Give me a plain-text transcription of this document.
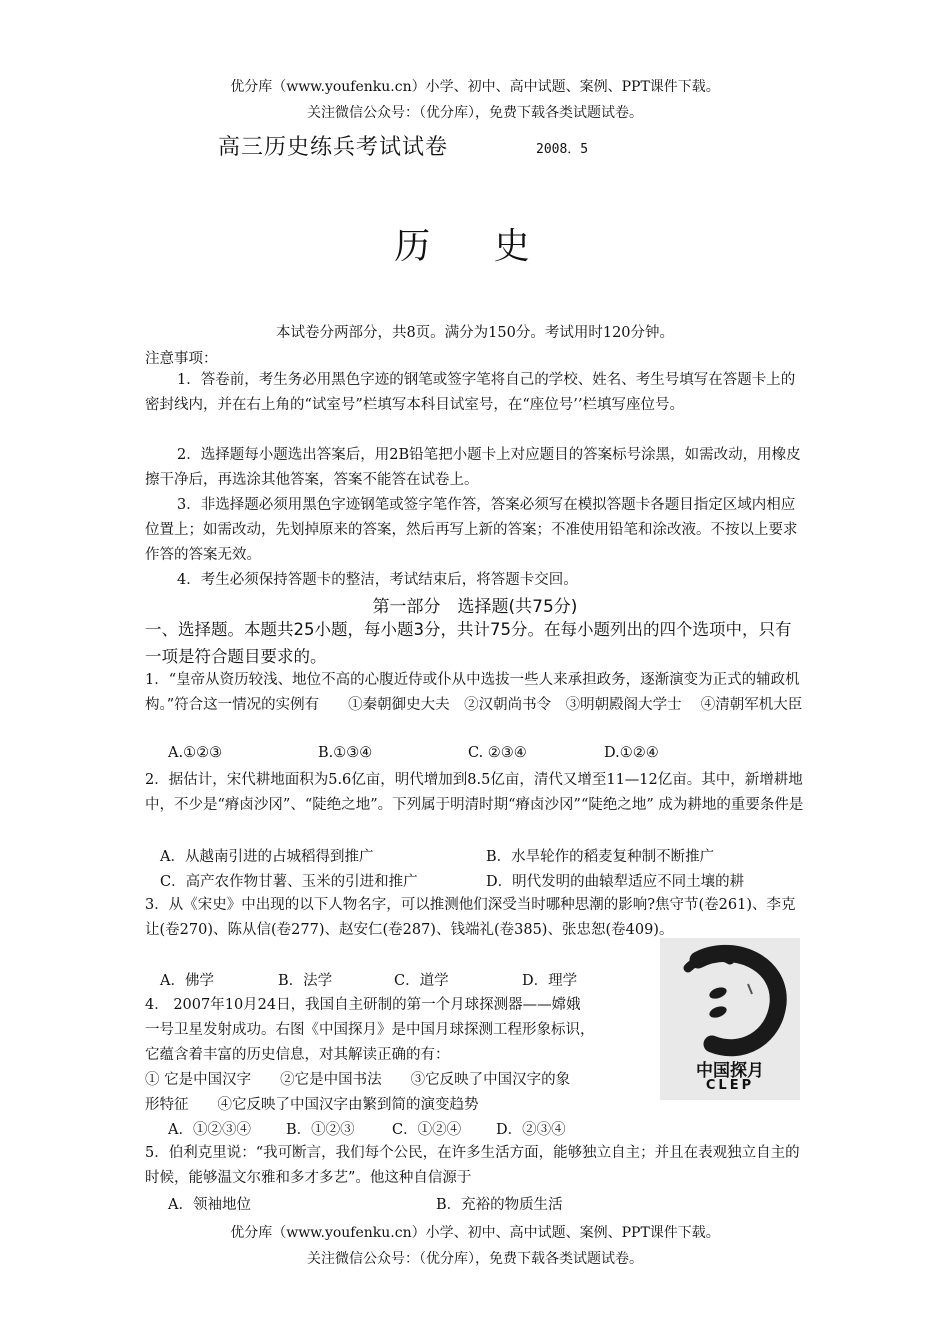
优分库（www.youfenku.cn）小学、初中、高中试题、案例、PPT课件下载。
关注微信公众号：（优分库），免费下载各类试题试卷。
高三历史练兵考试试卷	2008．5
历 史
本试卷分两部分，共8页。满分为150分。考试用时120分钟。
注意事项：
1．答卷前，考生务必用黑色字迹的钢笔或签字笔将自己的学校、姓名、考生号填写在答题卡上的密封线内，并在右上角的“试室号”栏填写本科目试室号，在“座位号’’栏填写座位号。
2．选择题每小题选出答案后，用2B铅笔把小题卡上对应题目的答案标号涂黑，如需改动，用橡皮擦干净后，再选涂其他答案，答案不能答在试卷上。
3．非选择题必须用黑色字迹钢笔或签字笔作答，答案必须写在模拟答题卡各题目指定区域内相应位置上；如需改动，先划掉原来的答案，然后再写上新的答案；不准使用铅笔和涂改液。不按以上要求作答的答案无效。
4．考生必须保持答题卡的整洁，考试结束后，将答题卡交回。
第一部分　选择题(共75分)
一、选择题。本题共25小题，每小题3分，共计75分。在每小题列出的四个选项中，只有一项是符合题目要求的。
1．“皇帝从资历较浅、地位不高的心腹近侍或仆从中选拔一些人来承担政务，逐渐演变为正式的辅政机构。”符合这一情况的实例有　　①秦朝御史大夫　②汉朝尚书令　③明朝殿阁大学士　 ④清朝军机大臣
A.①②③	B.①③④	C. ②③④	D.①②④
2．据估计，宋代耕地面积为5.6亿亩，明代增加到8.5亿亩，清代又增至11—12亿亩。其中，新增耕地中，不少是“瘠卤沙冈”、“陡绝之地”。下列属于明清时期“瘠卤沙冈”“陡绝之地” 成为耕地的重要条件是
A．从越南引进的占城稻得到推广	B．水旱轮作的稻麦复种制不断推广
C．高产农作物甘薯、玉米的引进和推广	D．明代发明的曲辕犁适应不同土壤的耕
3．从《宋史》中出现的以下人物名字，可以推测他们深受当时哪种思潮的影响?焦守节(卷261)、李克让(卷270)、陈从信(卷277)、赵安仁(卷287)、钱端礼(卷385)、张忠恕(卷409)。
A．佛学	B．法学	C．道学	D．理学
4． 2007年10月24日，我国自主研制的第一个月球探测器——嫦娥
一号卫星发射成功。右图《中国探月》是中国月球探测工程形象标识，
它蕴含着丰富的历史信息，对其解读正确的有：
① 它是中国汉字　　②它是中国书法　　③它反映了中国汉字的象
形特征　　④它反映了中国汉字由繁到简的演变趋势
A．①②③④ B．①②③	C．①②④ D．②③④
中国探月
CLEP
5．伯利克里说：“我可断言，我们每个公民，在许多生活方面，能够独立自主；并且在表观独立自主的时候，能够温文尔雅和多才多艺”。他这种自信源于
A．领袖地位	B．充裕的物质生活
优分库（www.youfenku.cn）小学、初中、高中试题、案例、PPT课件下载。
关注微信公众号：（优分库），免费下载各类试题试卷。
